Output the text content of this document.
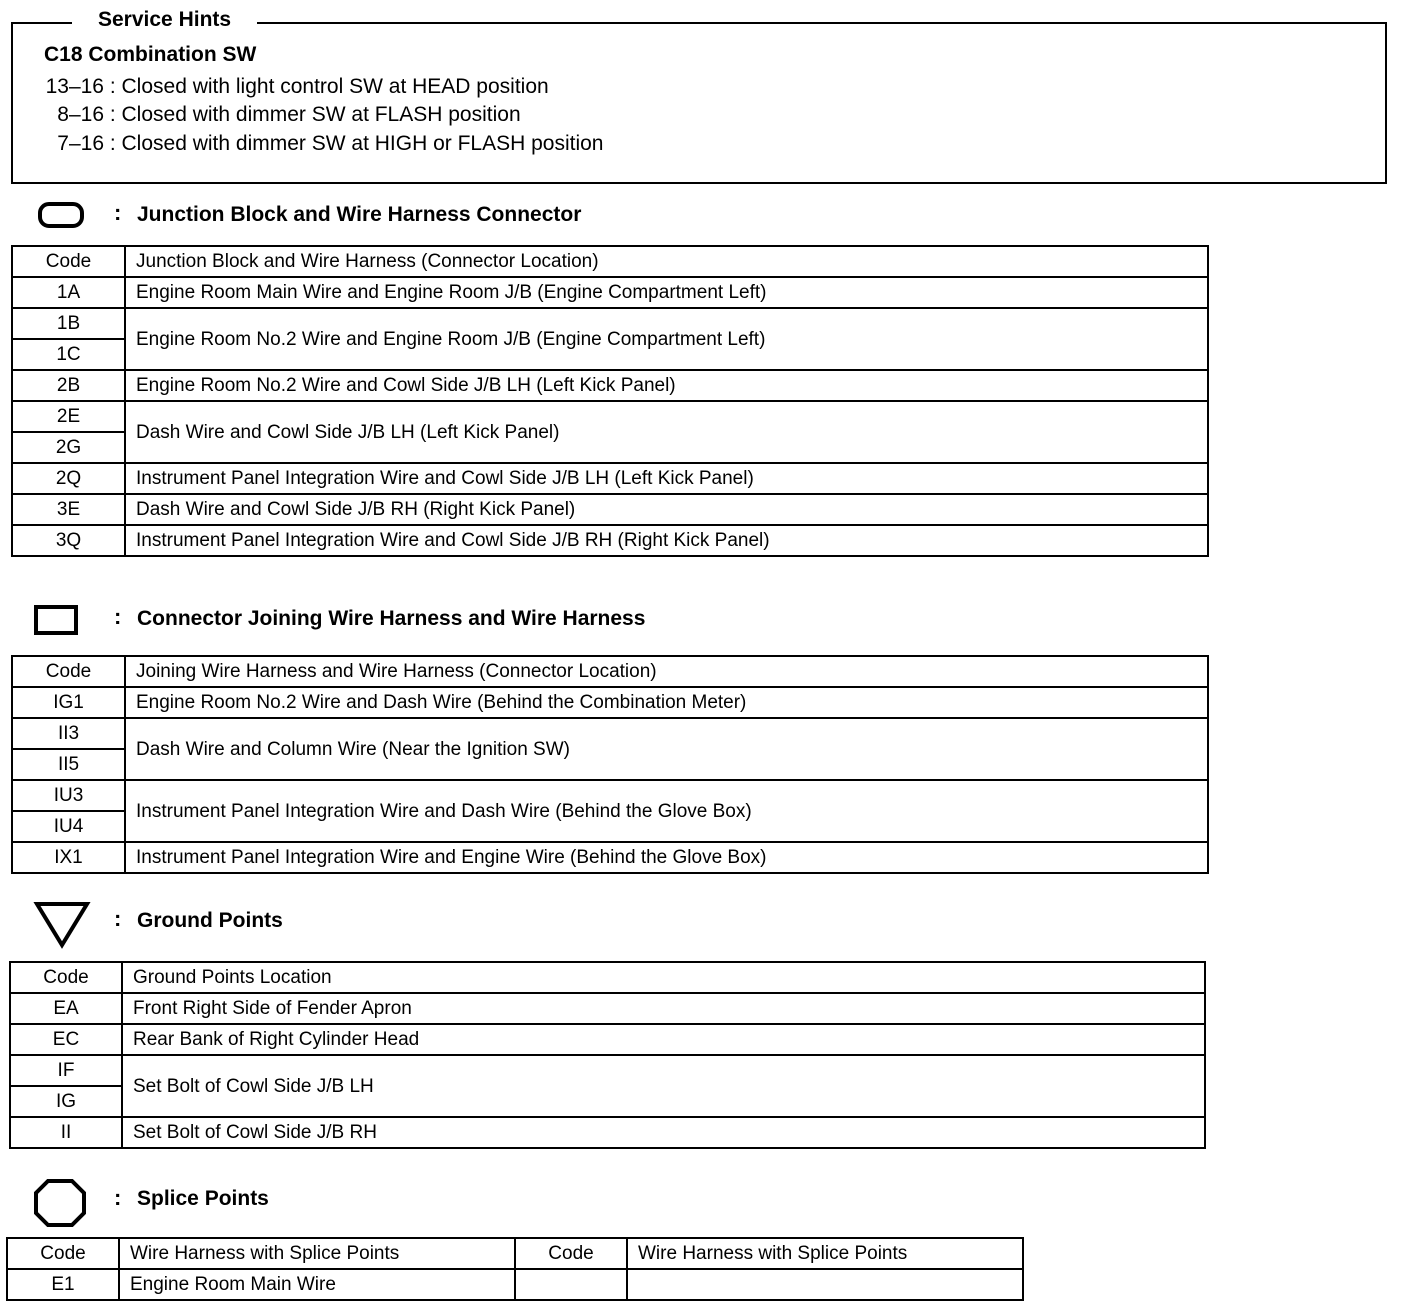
Service Hints
C18 Combination SW
13–16 : Closed with light control SW at HEAD position
8–16 : Closed with dimmer SW at FLASH position
7–16 : Closed with dimmer SW at HIGH or FLASH position
: Junction Block and Wire Harness Connector
Code	Junction Block and Wire Harness (Connector Location)
1A	Engine Room Main Wire and Engine Room J/B (Engine Compartment Left)
1B	Engine Room No.2 Wire and Engine Room J/B (Engine Compartment Left)
1C	
2B	Engine Room No.2 Wire and Cowl Side J/B LH (Left Kick Panel)
2E	Dash Wire and Cowl Side J/B LH (Left Kick Panel)
2G	
2Q	Instrument Panel Integration Wire and Cowl Side J/B LH (Left Kick Panel)
3E	Dash Wire and Cowl Side J/B RH (Right Kick Panel)
3Q	Instrument Panel Integration Wire and Cowl Side J/B RH (Right Kick Panel)
: Connector Joining Wire Harness and Wire Harness
Code	Joining Wire Harness and Wire Harness (Connector Location)
IG1	Engine Room No.2 Wire and Dash Wire (Behind the Combination Meter)
II3	Dash Wire and Column Wire (Near the Ignition SW)
II5	
IU3	Instrument Panel Integration Wire and Dash Wire (Behind the Glove Box)
IU4	
IX1	Instrument Panel Integration Wire and Engine Wire (Behind the Glove Box)
: Ground Points
Code	Ground Points Location
EA	Front Right Side of Fender Apron
EC	Rear Bank of Right Cylinder Head
IF	Set Bolt of Cowl Side J/B LH
IG	
II	Set Bolt of Cowl Side J/B RH
: Splice Points
Code	Wire Harness with Splice Points	Code	Wire Harness with Splice Points
E1	Engine Room Main Wire		
